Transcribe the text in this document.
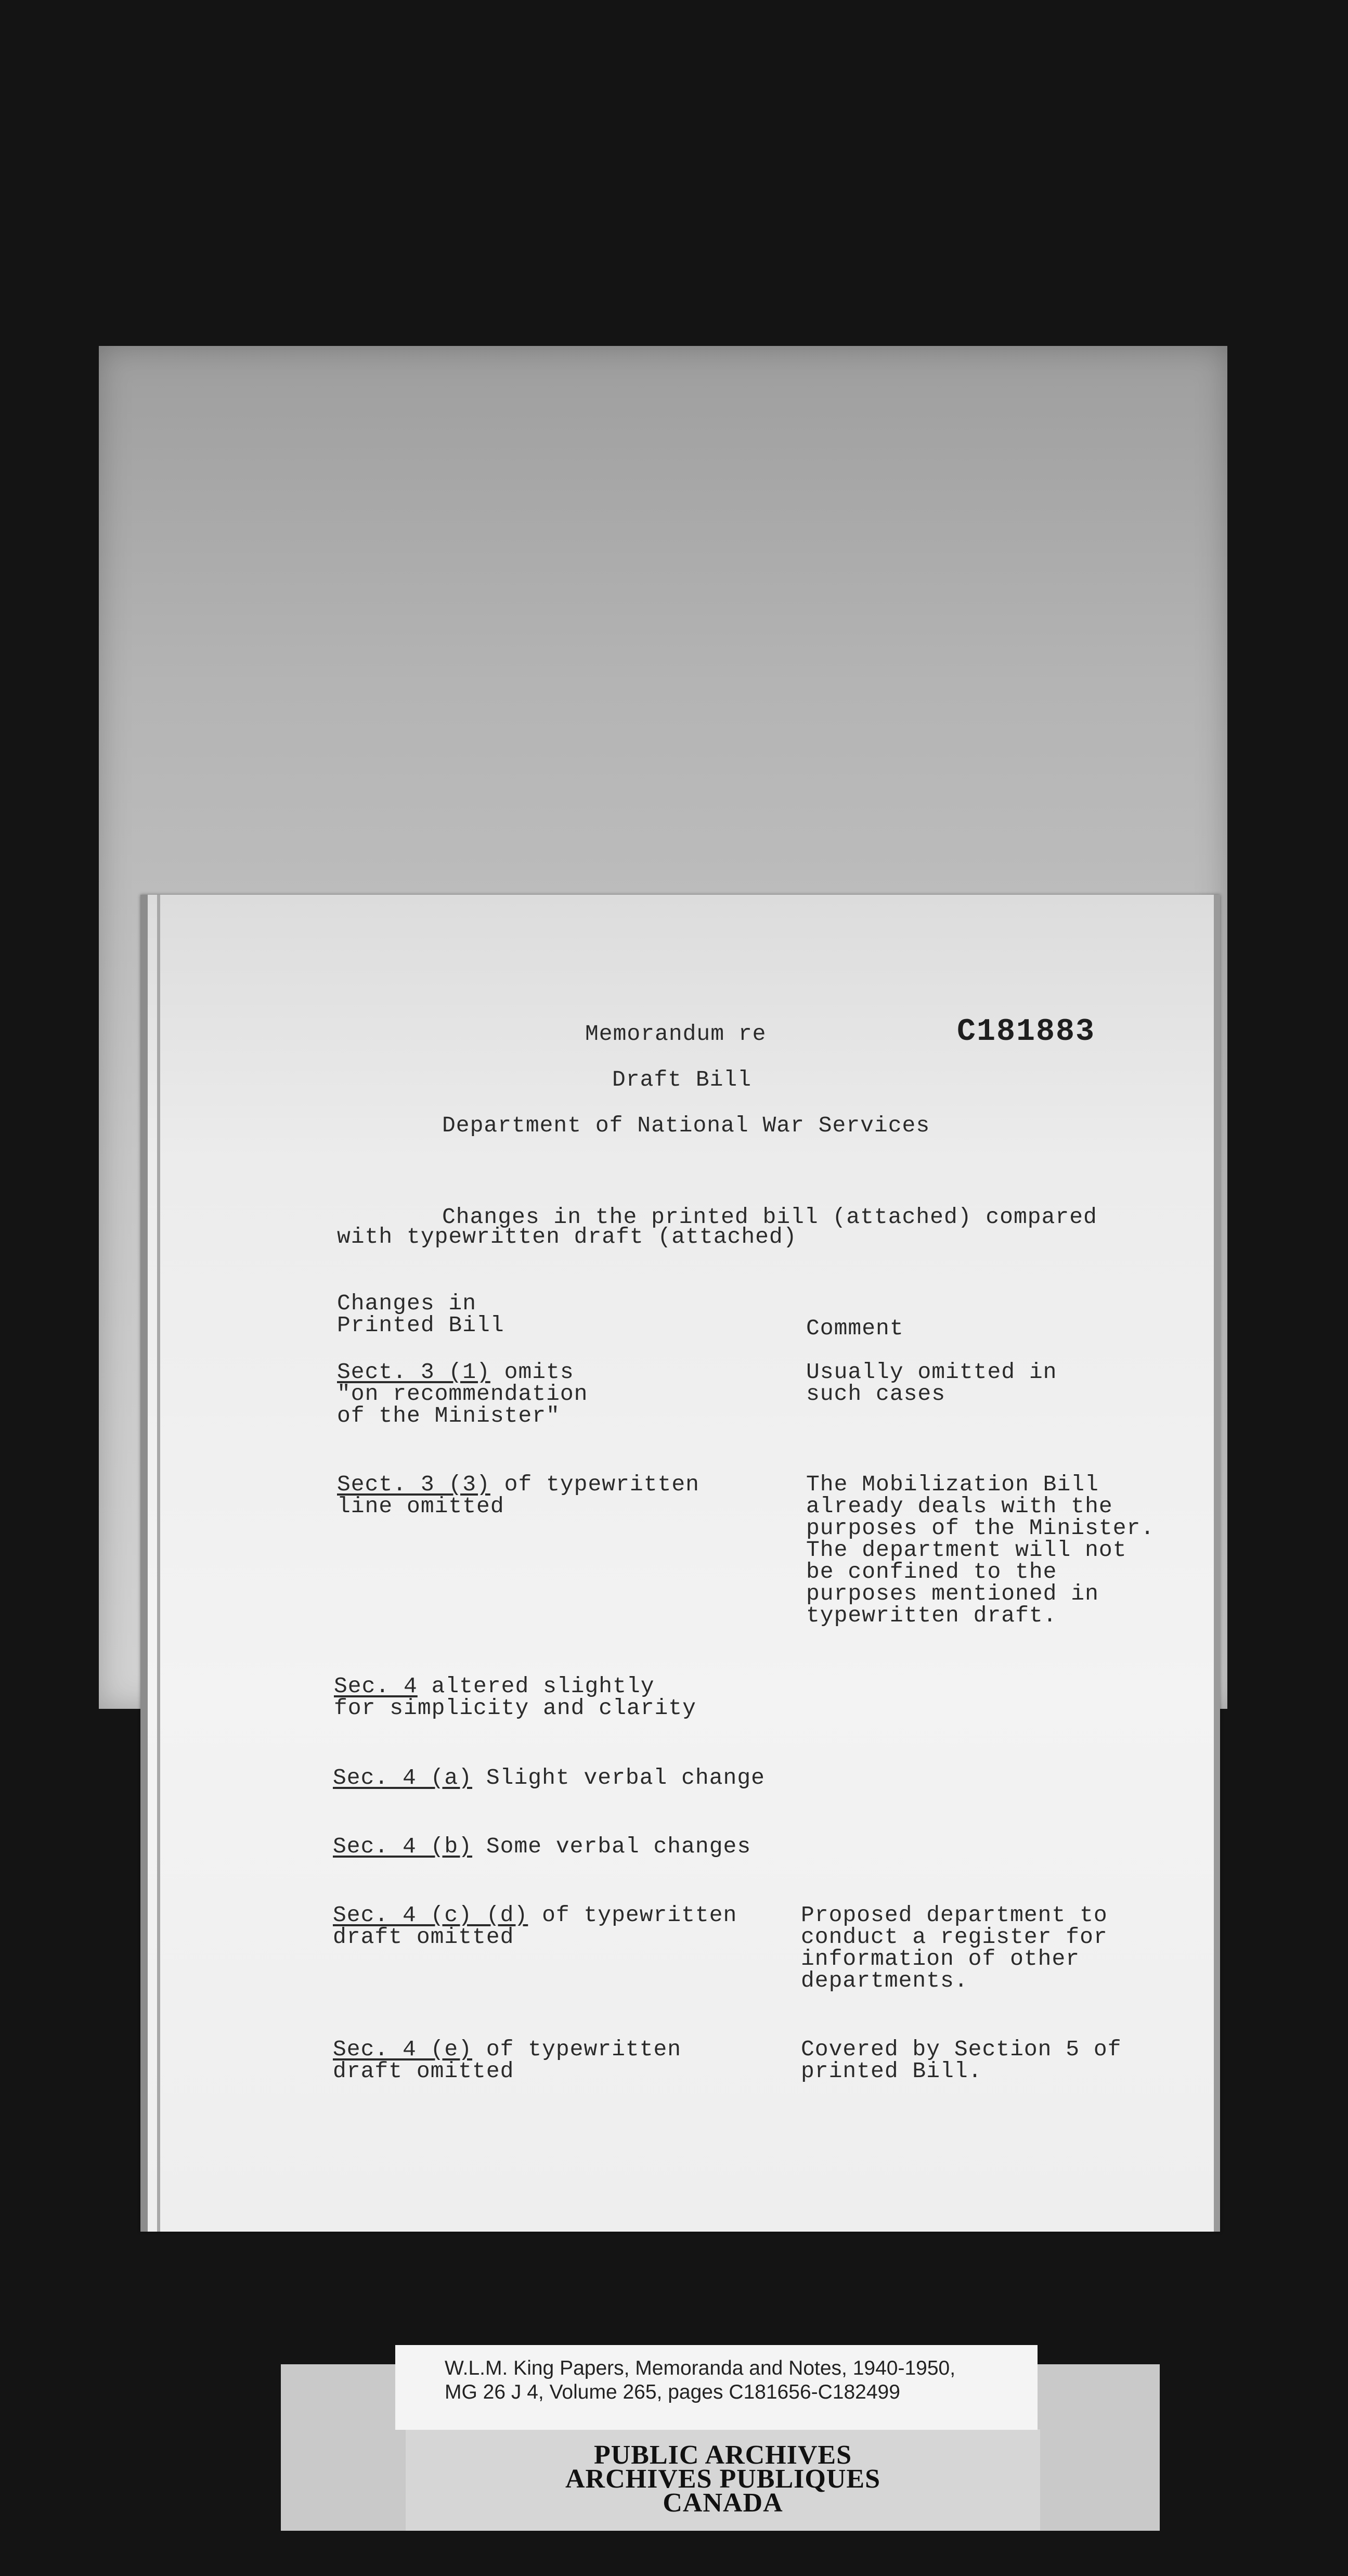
Memorandum re	C181883
Draft Bill
Department of National War Services
Changes in the printed bill (attached) compared
with typewritten draft (attached)
Changes in
Printed Bill	Comment
Sect. 3 (1) omits
"on recommendation
of the Minister"
Usually omitted in
such cases
Sect. 3 (3) of typewritten
line omitted
The Mobilization Bill
already deals with the
purposes of the Minister.
The department will not
be confined to the
purposes mentioned in
typewritten draft.
Sec. 4 altered slightly
for simplicity and clarity
Sec. 4 (a) Slight verbal change
Sec. 4 (b) Some verbal changes
Sec. 4 (c) (d) of typewritten
draft omitted
Proposed department to
conduct a register for
information of other
departments.
Sec. 4 (e) of typewritten
draft omitted
Covered by Section 5 of
printed Bill.
W.L.M. King Papers, Memoranda and Notes, 1940-1950,
MG 26 J 4, Volume 265, pages C181656-C182499
PUBLIC ARCHIVES
ARCHIVES PUBLIQUES
CANADA
